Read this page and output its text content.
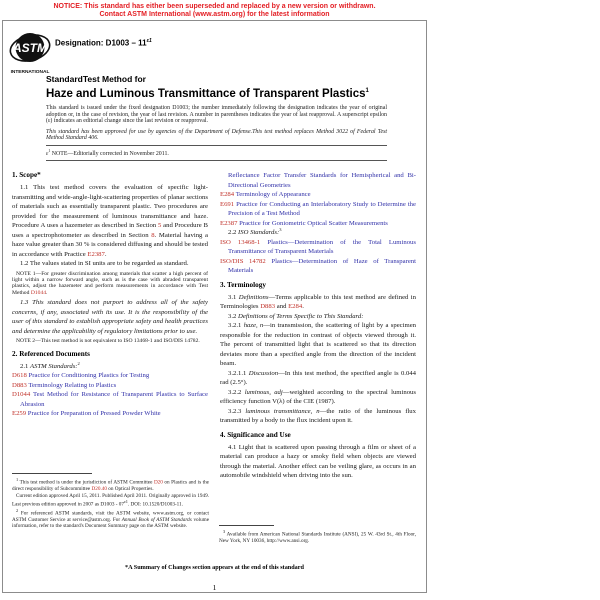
NOTICE: This standard has either been superseded and replaced by a new version or withdrawn.
Contact ASTM International (www.astm.org) for the latest information
ASTM
INTERNATIONAL
Designation: $D1003 - 11^{\varepsilon 1}$
StandardTest Method for
Haze and Luminous Transmittance of Transparent Plastics$^1$
This standard is issued under the fixed designation D1003; the number immediately following the designation indicates the year of original adoption or, in the case of revision, the year of last revision. A number in parentheses indicates the year of last reapproval. A superscript epsilon (ε) indicates an editorial change since the last revision or reapproval.
This standard has been approved for use by agencies of the Department of Defense.This test method replaces Method 3022 of Federal Test Method Standard 406.
$\varepsilon^1$ NOTE—Editorially corrected in November 2011.
1. Scope*

1.1 This test method covers the evaluation of specific light-transmitting and wide-angle-light-scattering properties of planar sections of materials such as essentially transparent plastic. Two procedures are provided for the measurement of luminous transmittance and haze. Procedure A uses a hazemeter as described in Section 5 and Procedure B uses a spectrophotometer as described in Section 8. Material having a haze value greater than 30 % is considered diffusing and should be tested in accordance with Practice E2387.

1.2 The values stated in SI units are to be regarded as standard.

NOTE 1—For greater discrimination among materials that scatter a high percent of light within a narrow forward angle, such as is the case with abraded transparent plastics, adjust the hazemeter and perform measurements in accordance with Test Method D1044.

1.3 This standard does not purport to address all of the safety concerns, if any, associated with its use. It is the responsibility of the user of this standard to establish appropriate safety and health practices and determine the applicability of regulatory limitations prior to use.

NOTE 2—This test method is not equivalent to ISO 13468-1 and ISO/DIS 14782.

2. Referenced Documents

2.1 ASTM Standards:$^2$

D618 Practice for Conditioning Plastics for Testing

D883 Terminology Relating to Plastics

D1044 Test Method for Resistance of Transparent Plastics to Surface Abrasion

E259 Practice for Preparation of Pressed Powder White

Reflectance Factor Transfer Standards for Hemispherical and Bi-Directional Geometries

E284 Terminology of Appearance

E691 Practice for Conducting an Interlaboratory Study to Determine the Precision of a Test Method

E2387 Practice for Goniometric Optical Scatter Measurements

2.2 ISO Standards:$^3$

ISO 13468-1 Plastics—Determination of the Total Luminous Transmittance of Transparent Materials

ISO/DIS 14782 Plastics—Determination of Haze of Transparent Materials

3. Terminology

3.1 Definitions—Terms applicable to this test method are defined in Terminologies D883 and E284.

3.2 Definitions of Terms Specific to This Standard:

3.2.1 haze, n—in transmission, the scattering of light by a specimen responsible for the reduction in contrast of objects viewed through it. The percent of transmitted light that is scattered so that its direction deviates more than a specified angle from the direction of the incident beam.

3.2.1.1 Discussion—In this test method, the specified angle is 0.044 rad (2.5°).

3.2.2 luminous, adj—weighted according to the spectral luminous efficiency function V(λ) of the CIE (1987).

3.2.3 luminous transmittance, n—the ratio of the luminous flux transmitted by a body to the flux incident upon it.

4. Significance and Use

4.1 Light that is scattered upon passing through a film or sheet of a material can produce a hazy or smoky field when objects are viewed through the material. Another effect can be veiling glare, as occurs in an automobile windshield when driving into the sun.

$^1$ This test method is under the jurisdiction of ASTM Committee D20 on Plastics and is the direct responsibility of Subcommittee D20.40 on Optical Properties.

Current edition approved April 15, 2011. Published April 2011. Originally approved in 1949. Last previous edition approved in 2007 as $D1003 - 07^{\varepsilon 1}$. DOI: 10.1520/D1003-11.

$^2$ For referenced ASTM standards, visit the ASTM website, www.astm.org, or contact ASTM Customer Service at service@astm.org. For Annual Book of ASTM Standards volume information, refer to the standard's Document Summary page on the ASTM website.

$^3$ Available from American National Standards Institute (ANSI), 25 W. 43rd St., 4th Floor, New York, NY 10036, http://www.ansi.org.

*A Summary of Changes section appears at the end of this standard
1
